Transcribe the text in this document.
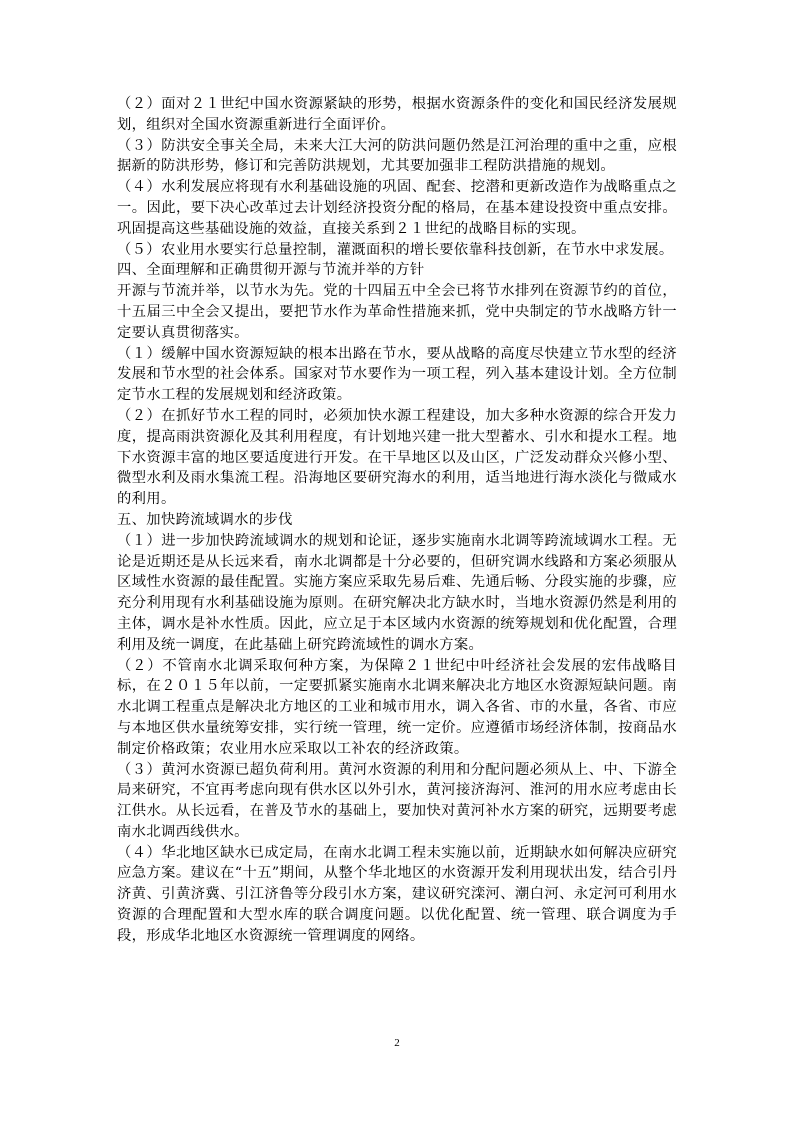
（２）面对２１世纪中国水资源紧缺的形势，根据水资源条件的变化和国民经济发展规划，组织对全国水资源重新进行全面评价。

（３）防洪安全事关全局，未来大江大河的防洪问题仍然是江河治理的重中之重，应根据新的防洪形势，修订和完善防洪规划，尤其要加强非工程防洪措施的规划。

（４）水利发展应将现有水利基础设施的巩固、配套、挖潜和更新改造作为战略重点之一。因此，要下决心改革过去计划经济投资分配的格局，在基本建设投资中重点安排。巩固提高这些基础设施的效益，直接关系到２１世纪的战略目标的实现。

（５）农业用水要实行总量控制，灌溉面积的增长要依靠科技创新，在节水中求发展。

四、全面理解和正确贯彻开源与节流并举的方针

开源与节流并举，以节水为先。党的十四届五中全会已将节水排列在资源节约的首位，十五届三中全会又提出，要把节水作为革命性措施来抓，党中央制定的节水战略方针一定要认真贯彻落实。

（１）缓解中国水资源短缺的根本出路在节水，要从战略的高度尽快建立节水型的经济发展和节水型的社会体系。国家对节水要作为一项工程，列入基本建设计划。全方位制定节水工程的发展规划和经济政策。

（２）在抓好节水工程的同时，必须加快水源工程建设，加大多种水资源的综合开发力度，提高雨洪资源化及其利用程度，有计划地兴建一批大型蓄水、引水和提水工程。地下水资源丰富的地区要适度进行开发。在干旱地区以及山区，广泛发动群众兴修小型、微型水利及雨水集流工程。沿海地区要研究海水的利用，适当地进行海水淡化与微咸水的利用。

五、加快跨流域调水的步伐

（１）进一步加快跨流域调水的规划和论证，逐步实施南水北调等跨流域调水工程。无论是近期还是从长远来看，南水北调都是十分必要的，但研究调水线路和方案必须服从区域性水资源的最佳配置。实施方案应采取先易后难、先通后畅、分段实施的步骤，应充分利用现有水利基础设施为原则。在研究解决北方缺水时，当地水资源仍然是利用的主体，调水是补水性质。因此，应立足于本区域内水资源的统筹规划和优化配置，合理利用及统一调度，在此基础上研究跨流域性的调水方案。

（２）不管南水北调采取何种方案，为保障２１世纪中叶经济社会发展的宏伟战略目标，在２０１５年以前，一定要抓紧实施南水北调来解决北方地区水资源短缺问题。南水北调工程重点是解决北方地区的工业和城市用水，调入各省、市的水量，各省、市应与本地区供水量统筹安排，实行统一管理，统一定价。应遵循市场经济体制，按商品水制定价格政策；农业用水应采取以工补农的经济政策。

（３）黄河水资源已超负荷利用。黄河水资源的利用和分配问题必须从上、中、下游全局来研究，不宜再考虑向现有供水区以外引水，黄河接济海河、淮河的用水应考虑由长江供水。从长远看，在普及节水的基础上，要加快对黄河补水方案的研究，远期要考虑南水北调西线供水。

（４）华北地区缺水已成定局，在南水北调工程未实施以前，近期缺水如何解决应研究应急方案。建议在“十五”期间，从整个华北地区的水资源开发利用现状出发，结合引丹济黄、引黄济冀、引江济鲁等分段引水方案，建议研究滦河、潮白河、永定河可利用水资源的合理配置和大型水库的联合调度问题。以优化配置、统一管理、联合调度为手段，形成华北地区水资源统一管理调度的网络。

2
